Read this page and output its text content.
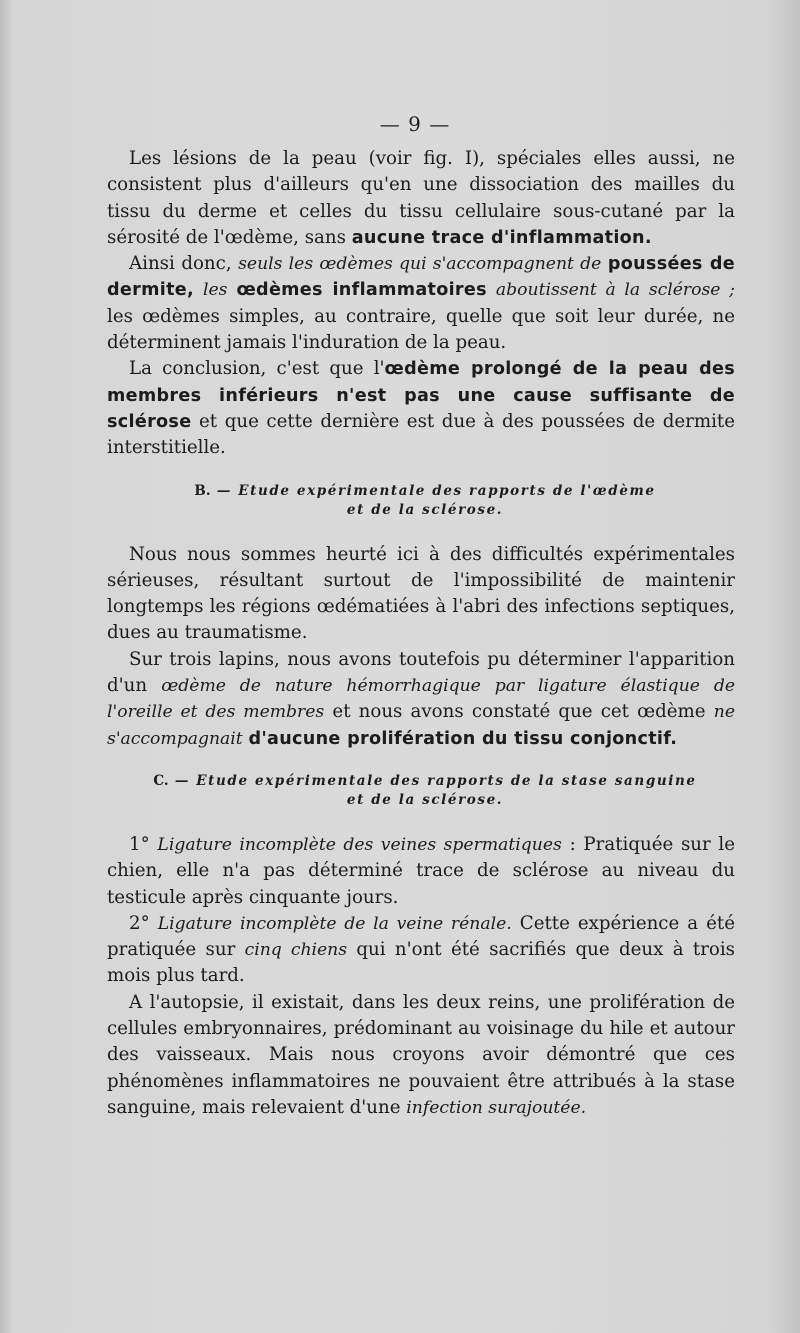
— 9 —

Les lésions de la peau (voir fig. I), spéciales elles aussi, ne consistent plus d'ailleurs qu'en une dissociation des mailles du tissu du derme et celles du tissu cellulaire sous-cutané par la sérosité de l'œdème, sans aucune trace d'inflammation.

Ainsi donc, seuls les œdèmes qui s'accompagnent de poussées de dermite, les œdèmes inflammatoires aboutissent à la sclérose ; les œdèmes simples, au contraire, quelle que soit leur durée, ne déterminent jamais l'induration de la peau.

La conclusion, c'est que l'œdème prolongé de la peau des membres inférieurs n'est pas une cause suffisante de sclérose et que cette dernière est due à des poussées de dermite interstitielle.

B. — Etude expérimentale des rapports de l'œdème
et de la sclérose.

Nous nous sommes heurté ici à des difficultés expérimentales sérieuses, résultant surtout de l'impossibilité de maintenir longtemps les régions œdématiées à l'abri des infections septiques, dues au traumatisme.

Sur trois lapins, nous avons toutefois pu déterminer l'apparition d'un œdème de nature hémorrhagique par ligature élastique de l'oreille et des membres et nous avons constaté que cet œdème ne s'accompagnait d'aucune prolifération du tissu conjonctif.

C. — Etude expérimentale des rapports de la stase sanguine
et de la sclérose.

1° Ligature incomplète des veines spermatiques : Pratiquée sur le chien, elle n'a pas déterminé trace de sclérose au niveau du testicule après cinquante jours.

2° Ligature incomplète de la veine rénale. Cette expérience a été pratiquée sur cinq chiens qui n'ont été sacrifiés que deux à trois mois plus tard.

A l'autopsie, il existait, dans les deux reins, une prolifération de cellules embryonnaires, prédominant au voisinage du hile et autour des vaisseaux. Mais nous croyons avoir démontré que ces phénomènes inflammatoires ne pouvaient être attribués à la stase sanguine, mais relevaient d'une infection surajoutée.
